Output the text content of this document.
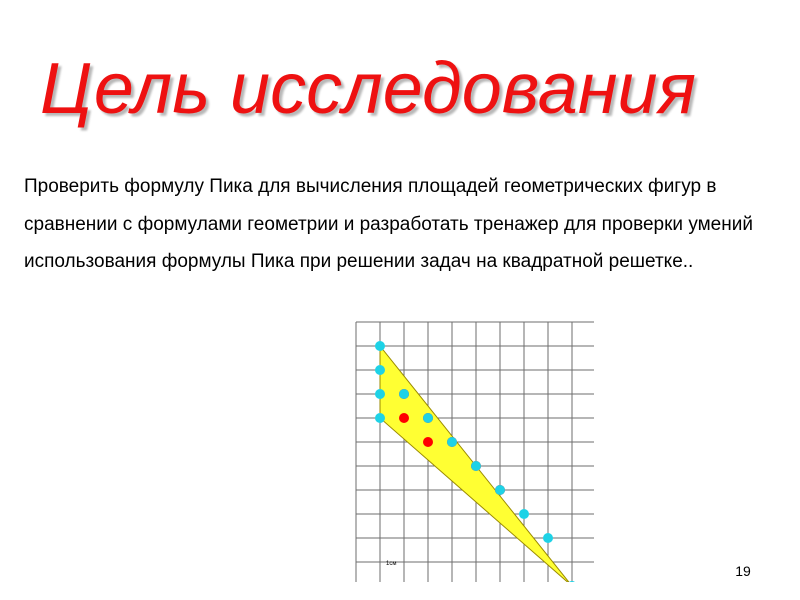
Цель исследования
Проверить формулу Пика для вычисления площадей геометрических фигур в сравнении с формулами геометрии и разработать тренажер для проверки умений использования формулы Пика при решении задач на квадратной решетке..
1см	19
